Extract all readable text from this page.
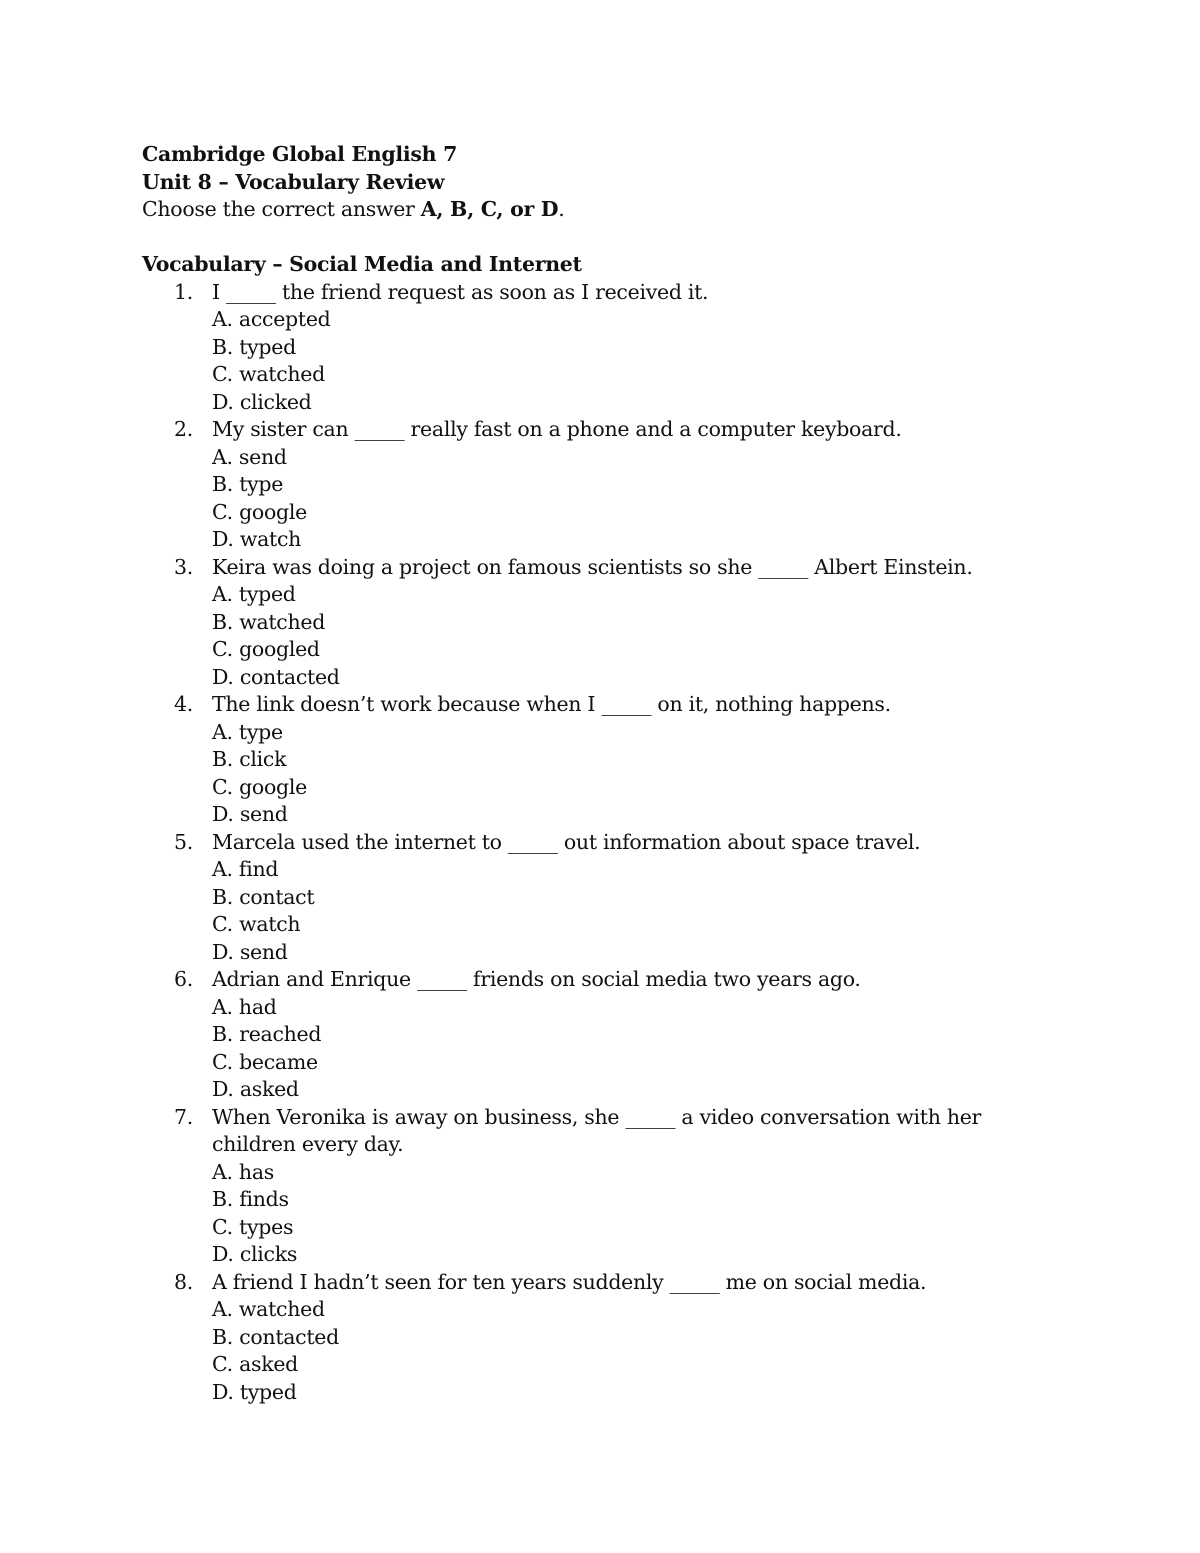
Cambridge Global English 7
Unit 8 – Vocabulary Review
Choose the correct answer A, B, C, or D.
Vocabulary – Social Media and Internet
1. I _____ the friend request as soon as I received it.
A. accepted
B. typed
C. watched
D. clicked
2. My sister can _____ really fast on a phone and a computer keyboard.
A. send
B. type
C. google
D. watch
3. Keira was doing a project on famous scientists so she _____ Albert Einstein.
A. typed
B. watched
C. googled
D. contacted
4. The link doesn’t work because when I _____ on it, nothing happens.
A. type
B. click
C. google
D. send
5. Marcela used the internet to _____ out information about space travel.
A. find
B. contact
C. watch
D. send
6. Adrian and Enrique _____ friends on social media two years ago.
A. had
B. reached
C. became
D. asked
7. When Veronika is away on business, she _____ a video conversation with her children every day.
A. has
B. finds
C. types
D. clicks
8. A friend I hadn’t seen for ten years suddenly _____ me on social media.
A. watched
B. contacted
C. asked
D. typed
